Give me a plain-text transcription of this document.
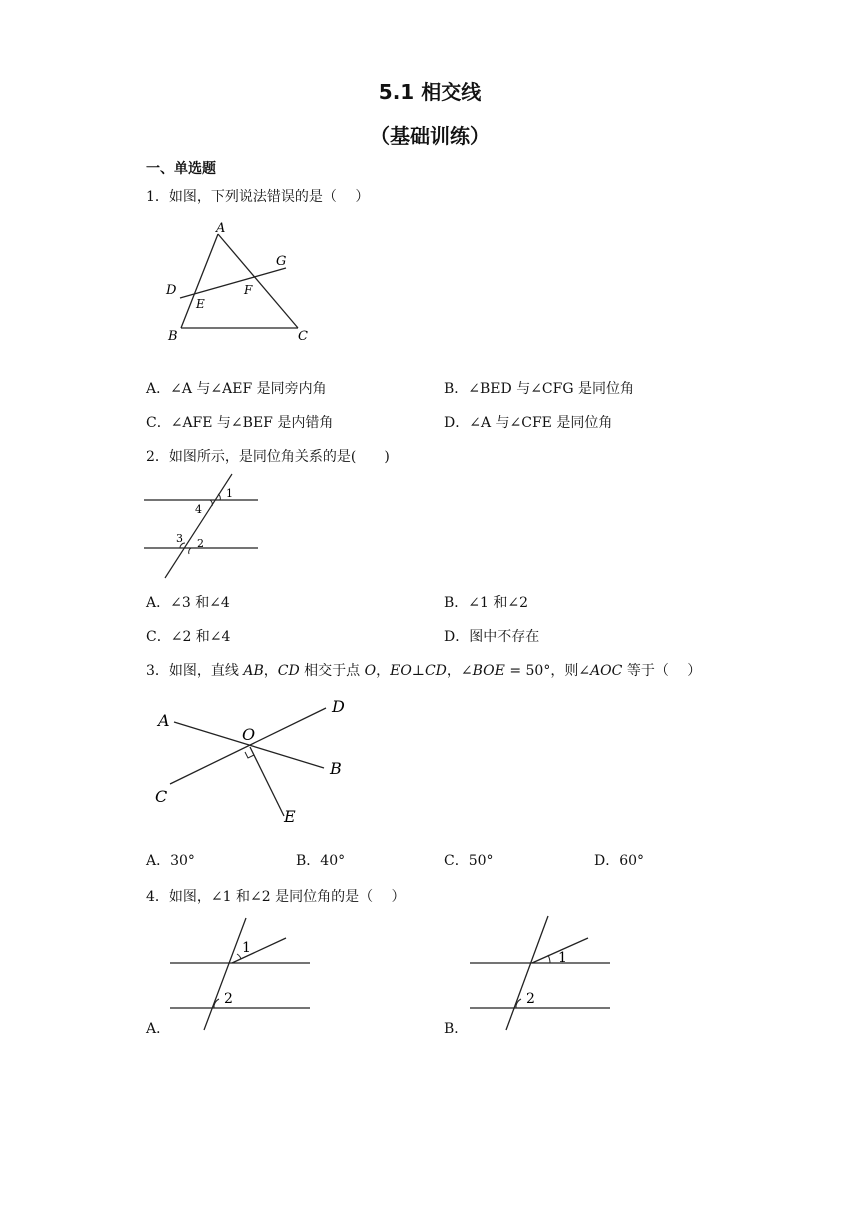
5.1 相交线
（基础训练）
一、单选题
1．如图，下列说法错误的是（　 ）
A
B	C
D
E
F
G
A．∠A 与∠AEF 是同旁内角	B．∠BED 与∠CFG 是同位角
C．∠AFE 与∠BEF 是内错角	D．∠A 与∠CFE 是同位角
2．如图所示，是同位角关系的是(　　)
1
4
3 2
A．∠3 和∠4	B．∠1 和∠2
C．∠2 和∠4	D．图中不存在
3．如图，直线 AB，CD 相交于点 O，EO⊥CD，∠BOE = 50°，则∠AOC 等于（　 ）
A
B
C
D
E
O
A．30°	B．40°	C．50°	D．60°
4．如图，∠1 和∠2 是同位角的是（　 ）
A．
1
2
B．
1
2
